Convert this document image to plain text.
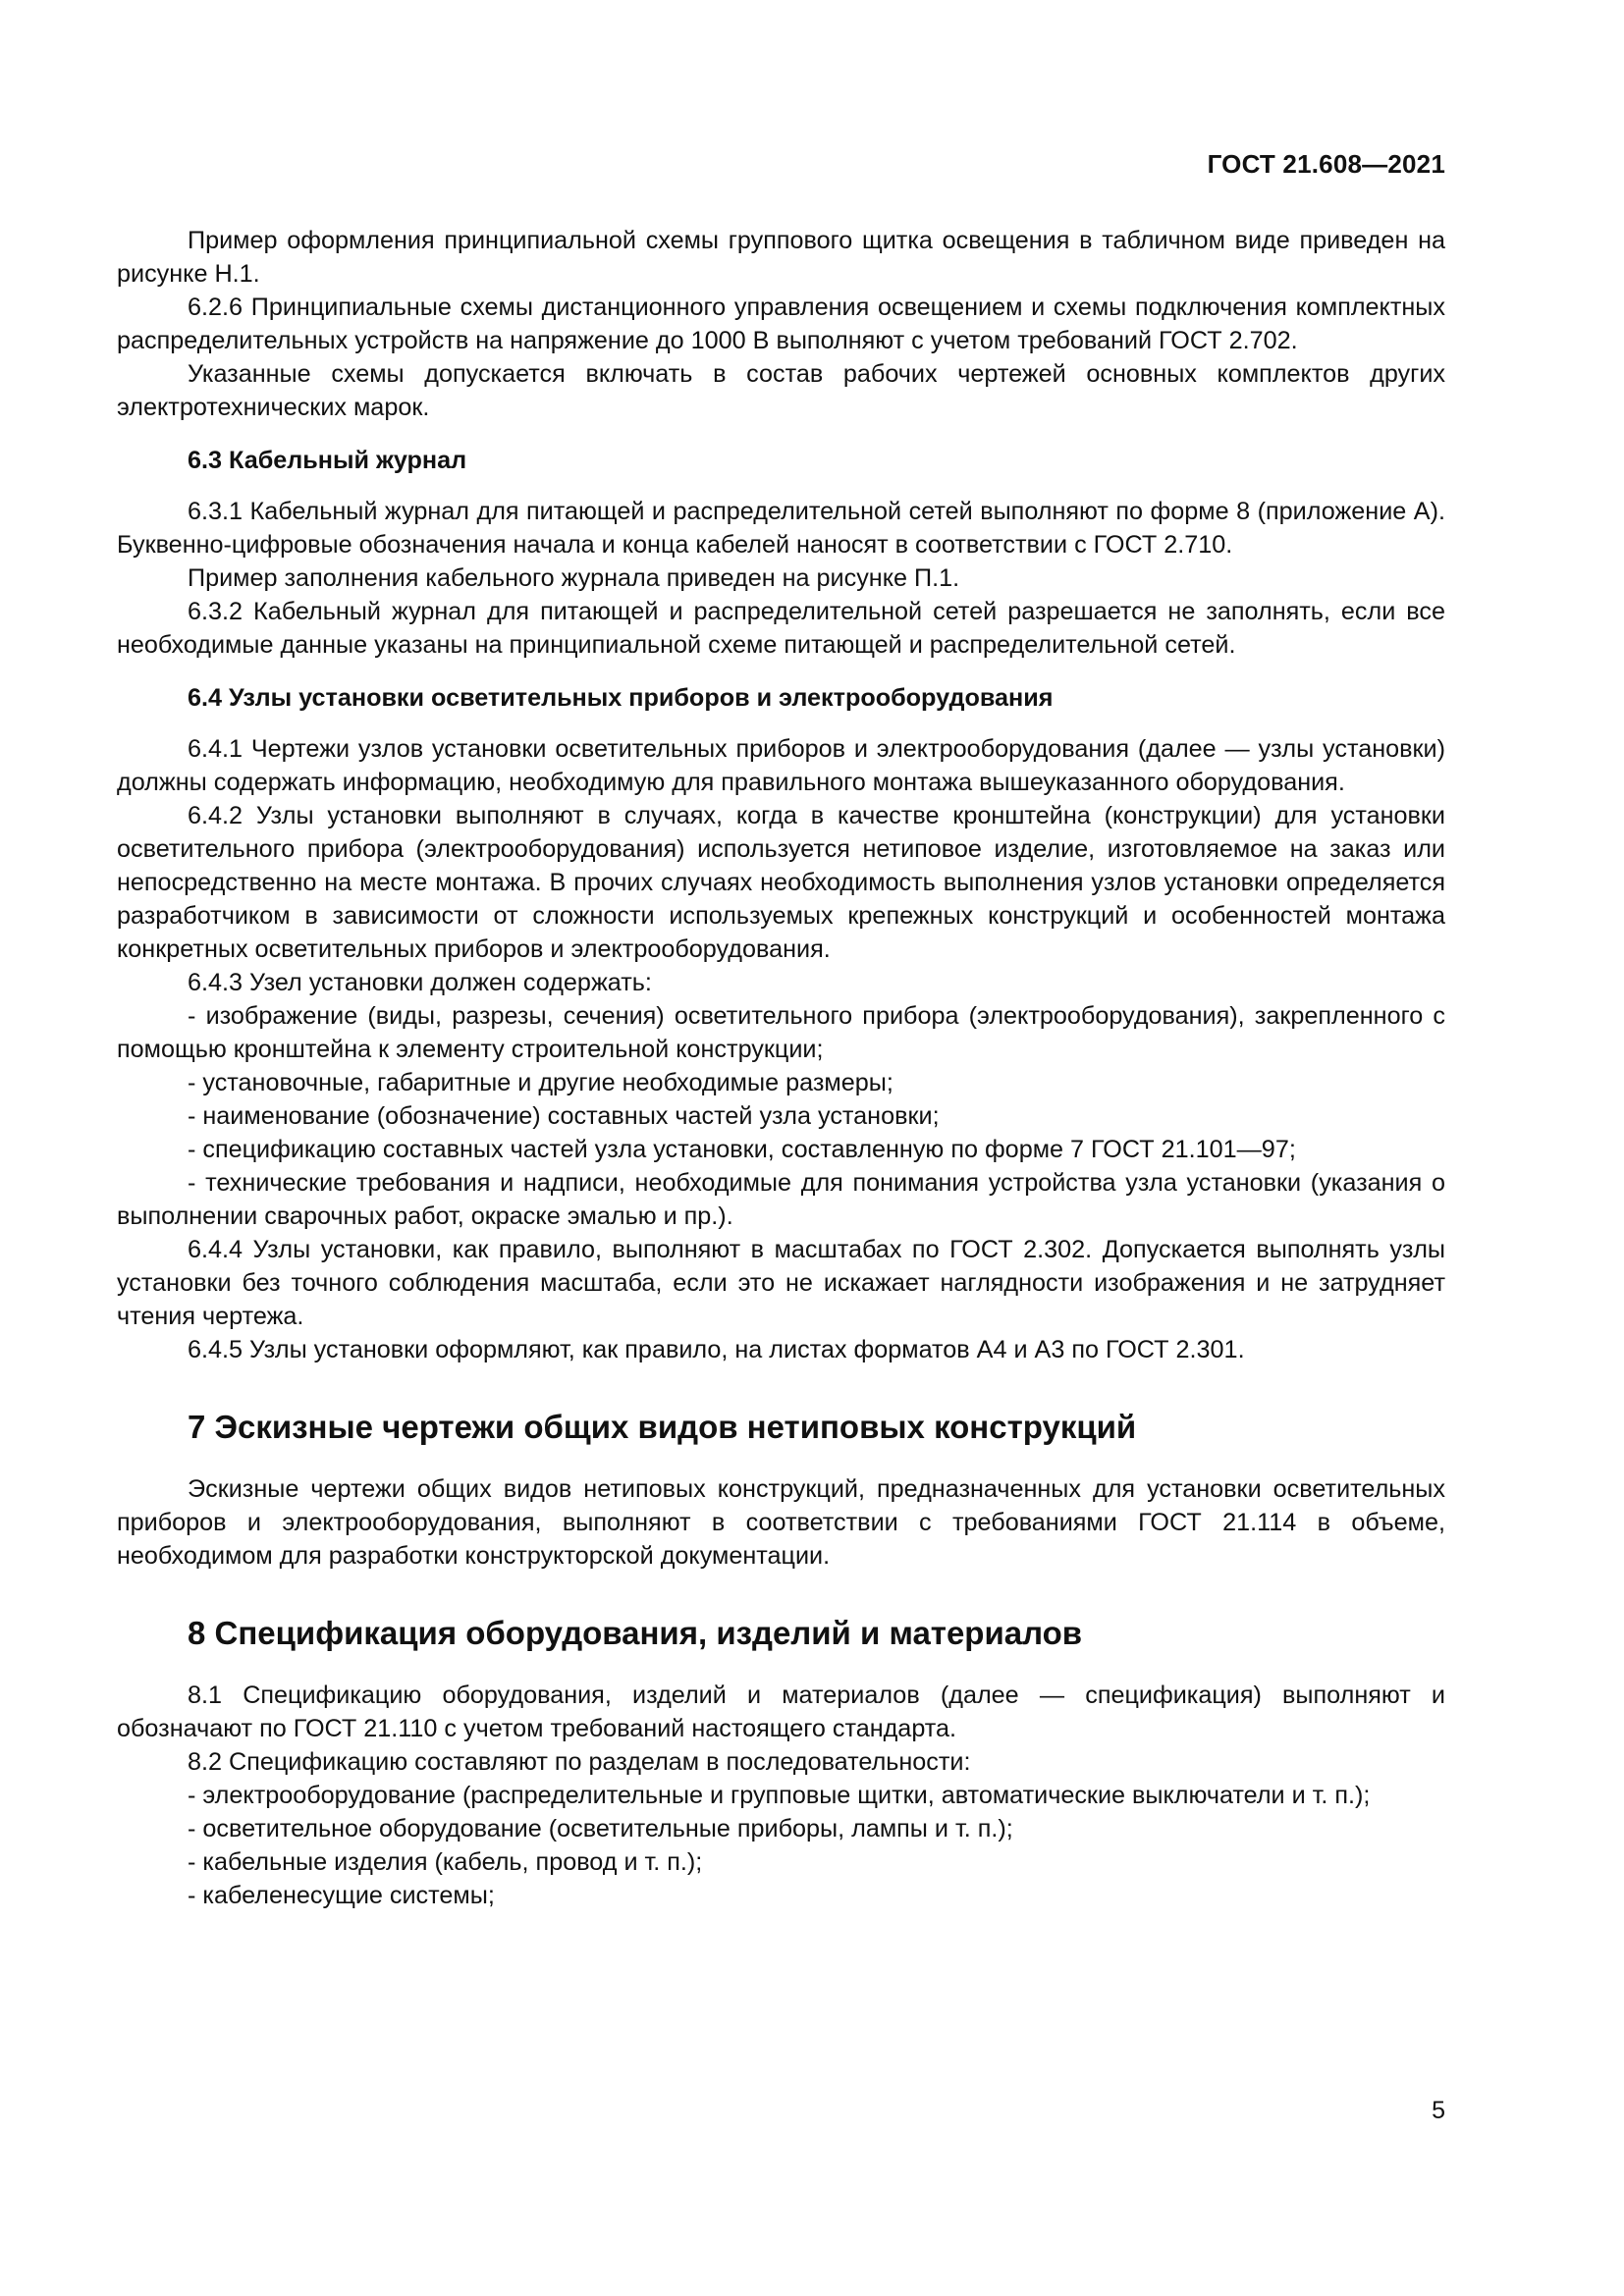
ГОСТ 21.608—2021

Пример оформления принципиальной схемы группового щитка освещения в табличном виде приведен на рисунке Н.1.

6.2.6 Принципиальные схемы дистанционного управления освещением и схемы подключения комплектных распределительных устройств на напряжение до 1000 В выполняют с учетом требований ГОСТ 2.702.

Указанные схемы допускается включать в состав рабочих чертежей основных комплектов других электротехнических марок.

6.3 Кабельный журнал

6.3.1 Кабельный журнал для питающей и распределительной сетей выполняют по форме 8 (приложение А). Буквенно-цифровые обозначения начала и конца кабелей наносят в соответствии с ГОСТ 2.710.

Пример заполнения кабельного журнала приведен на рисунке П.1.

6.3.2 Кабельный журнал для питающей и распределительной сетей разрешается не заполнять, если все необходимые данные указаны на принципиальной схеме питающей и распределительной сетей.

6.4 Узлы установки осветительных приборов и электрооборудования

6.4.1 Чертежи узлов установки осветительных приборов и электрооборудования (далее — узлы установки) должны содержать информацию, необходимую для правильного монтажа вышеуказанного оборудования.

6.4.2 Узлы установки выполняют в случаях, когда в качестве кронштейна (конструкции) для установки осветительного прибора (электрооборудования) используется нетиповое изделие, изготовляемое на заказ или непосредственно на месте монтажа. В прочих случаях необходимость выполнения узлов установки определяется разработчиком в зависимости от сложности используемых крепежных конструкций и особенностей монтажа конкретных осветительных приборов и электрооборудования.

6.4.3 Узел установки должен содержать:

- изображение (виды, разрезы, сечения) осветительного прибора (электрооборудования), закрепленного с помощью кронштейна к элементу строительной конструкции;

- установочные, габаритные и другие необходимые размеры;

- наименование (обозначение) составных частей узла установки;

- спецификацию составных частей узла установки, составленную по форме 7 ГОСТ 21.101—97;

- технические требования и надписи, необходимые для понимания устройства узла установки (указания о выполнении сварочных работ, окраске эмалью и пр.).

6.4.4 Узлы установки, как правило, выполняют в масштабах по ГОСТ 2.302. Допускается выполнять узлы установки без точного соблюдения масштаба, если это не искажает наглядности изображения и не затрудняет чтения чертежа.

6.4.5 Узлы установки оформляют, как правило, на листах форматов А4 и А3 по ГОСТ 2.301.

7 Эскизные чертежи общих видов нетиповых конструкций

Эскизные чертежи общих видов нетиповых конструкций, предназначенных для установки осветительных приборов и электрооборудования, выполняют в соответствии с требованиями ГОСТ 21.114 в объеме, необходимом для разработки конструкторской документации.

8 Спецификация оборудования, изделий и материалов

8.1 Спецификацию оборудования, изделий и материалов (далее — спецификация) выполняют и обозначают по ГОСТ 21.110 с учетом требований настоящего стандарта.

8.2 Спецификацию составляют по разделам в последовательности:

- электрооборудование (распределительные и групповые щитки, автоматические выключатели и т. п.);

- осветительное оборудование (осветительные приборы, лампы и т. п.);

- кабельные изделия (кабель, провод и т. п.);

- кабеленесущие системы;

5
